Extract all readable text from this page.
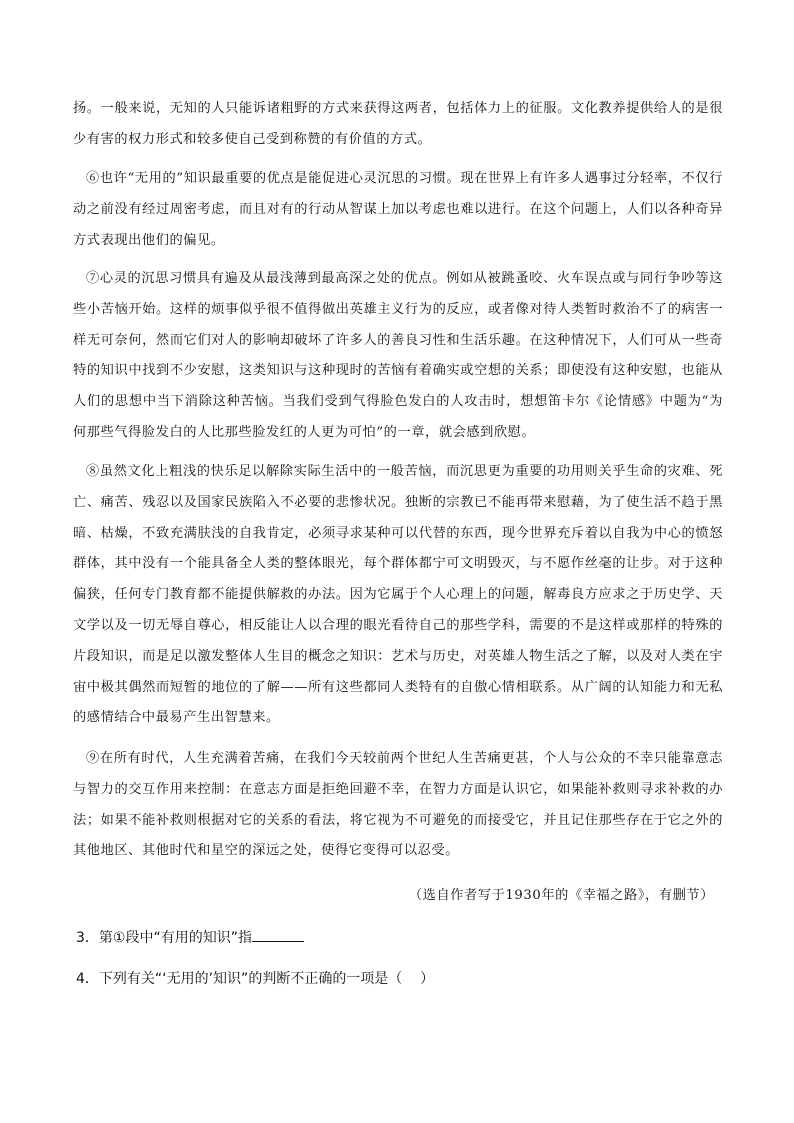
扬。一般来说，无知的人只能诉诸粗野的方式来获得这两者，包括体力上的征服。文化教养提供给人的是很少有害的权力形式和较多使自己受到称赞的有价值的方式。

⑥也许“无用的”知识最重要的优点是能促进心灵沉思的习惯。现在世界上有许多人遇事过分轻率，不仅行动之前没有经过周密考虑，而且对有的行动从智谋上加以考虑也难以进行。在这个问题上，人们以各种奇异方式表现出他们的偏见。

⑦心灵的沉思习惯具有遍及从最浅薄到最高深之处的优点。例如从被跳蚤咬、火车误点或与同行争吵等这些小苦恼开始。这样的烦事似乎很不值得做出英雄主义行为的反应，或者像对待人类暂时救治不了的病害一样无可奈何，然而它们对人的影响却破坏了许多人的善良习性和生活乐趣。在这种情况下，人们可从一些奇特的知识中找到不少安慰，这类知识与这种现时的苦恼有着确实或空想的关系；即使没有这种安慰，也能从人们的思想中当下消除这种苦恼。当我们受到气得脸色发白的人攻击时，想想笛卡尔《论情感》中题为“为何那些气得脸发白的人比那些脸发红的人更为可怕”的一章，就会感到欣慰。

⑧虽然文化上粗浅的快乐足以解除实际生活中的一般苦恼，而沉思更为重要的功用则关乎生命的灾难、死亡、痛苦、残忍以及国家民族陷入不必要的悲惨状况。独断的宗教已不能再带来慰藉，为了使生活不趋于黑暗、枯燥，不致充满肤浅的自我肯定，必须寻求某种可以代替的东西，现今世界充斥着以自我为中心的愤怒群体，其中没有一个能具备全人类的整体眼光，每个群体都宁可文明毁灭，与不愿作丝毫的让步。对于这种偏狭，任何专门教育都不能提供解救的办法。因为它属于个人心理上的问题，解毒良方应求之于历史学、天文学以及一切无辱自尊心，相反能让人以合理的眼光看待自己的那些学科，需要的不是这样或那样的特殊的片段知识，而是足以激发整体人生目的概念之知识：艺术与历史，对英雄人物生活之了解，以及对人类在宇宙中极其偶然而短暂的地位的了解——所有这些都同人类特有的自傲心情相联系。从广阔的认知能力和无私的感情结合中最易产生出智慧来。

⑨在所有时代，人生充满着苦痛，在我们今天较前两个世纪人生苦痛更甚，个人与公众的不幸只能靠意志与智力的交互作用来控制：在意志方面是拒绝回避不幸，在智力方面是认识它，如果能补救则寻求补救的办法；如果不能补救则根据对它的关系的看法，将它视为不可避免的而接受它，并且记住那些存在于它之外的其他地区、其他时代和星空的深远之处，使得它变得可以忍受。

（选自作者写于1930年的《幸福之路》，有删节）
3．第①段中“有用的知识”指
4．下列有关“‘无用的’知识”的判断不正确的一项是（    ）
